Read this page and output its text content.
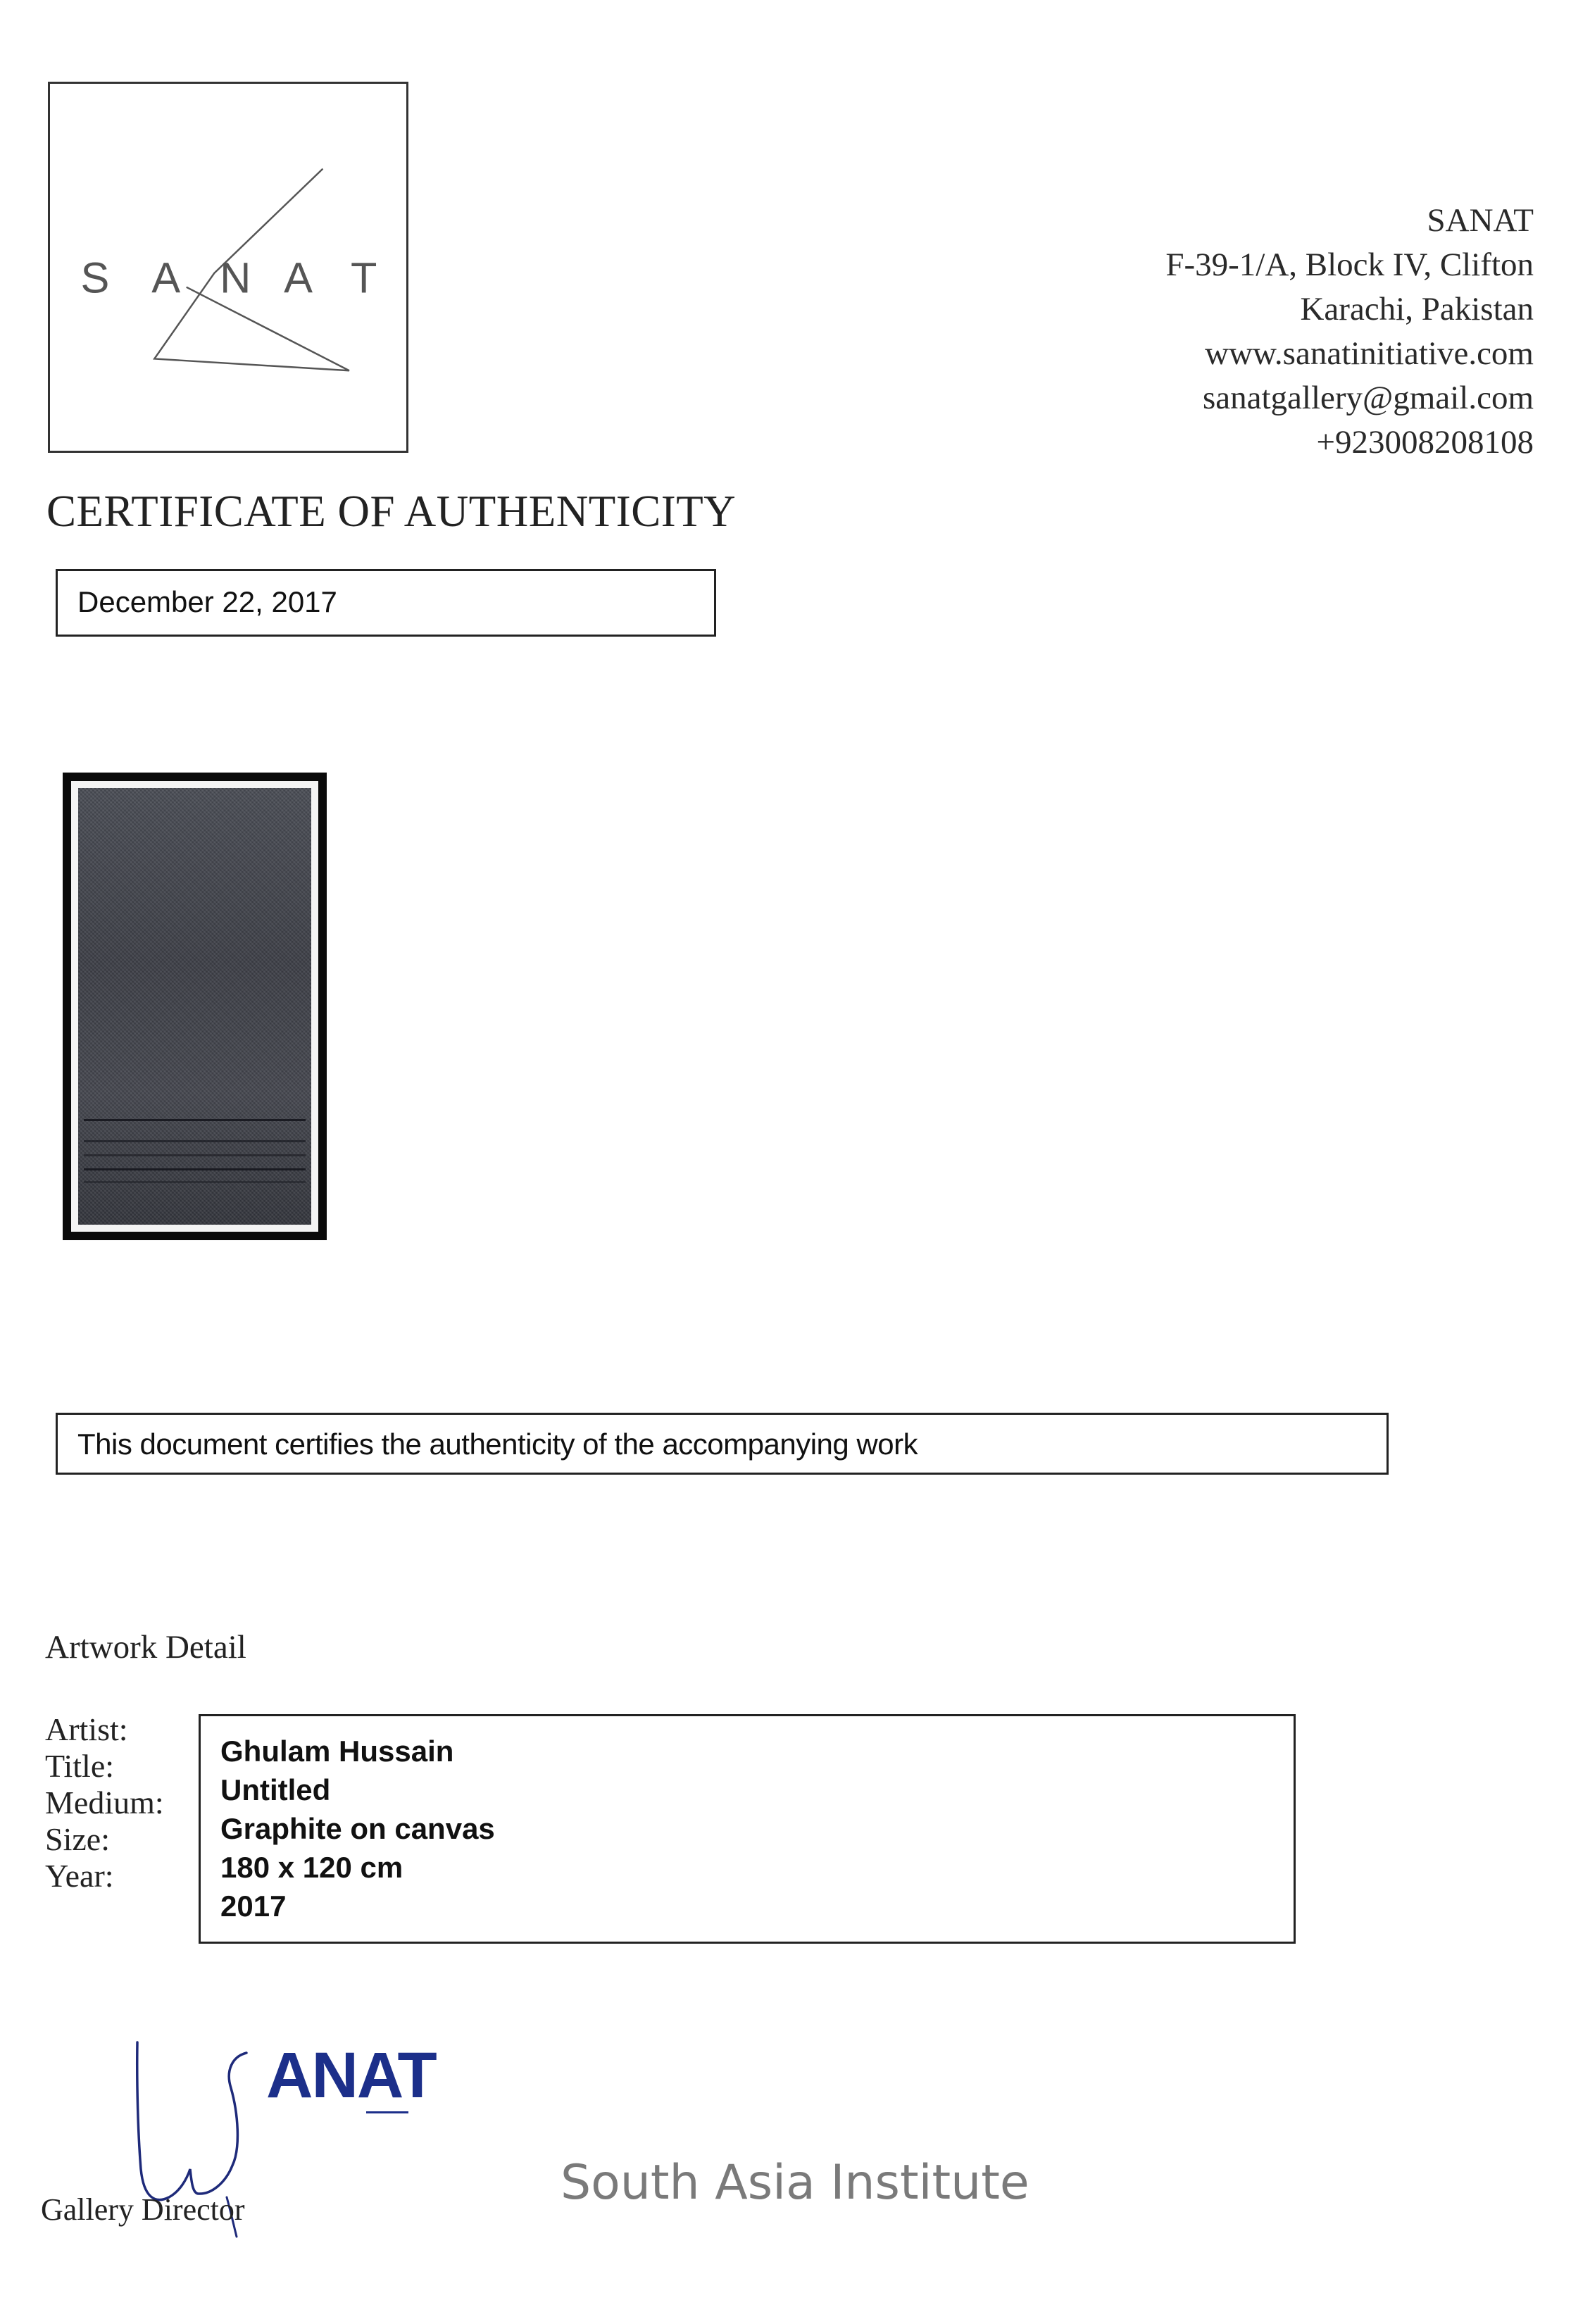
S A N A T
SANAT
F-39-1/A, Block IV, Clifton
Karachi, Pakistan
www.sanatinitiative.com
sanatgallery@gmail.com
+923008208108
CERTIFICATE OF AUTHENTICITY
December 22, 2017
This document certifies the authenticity of the accompanying work
Artwork Detail
Artist:
Title:
Medium:
Size:
Year:
Ghulam Hussain
Untitled
Graphite on canvas
180 x 120 cm
2017
ANAT
Gallery Director	South Asia Institute
